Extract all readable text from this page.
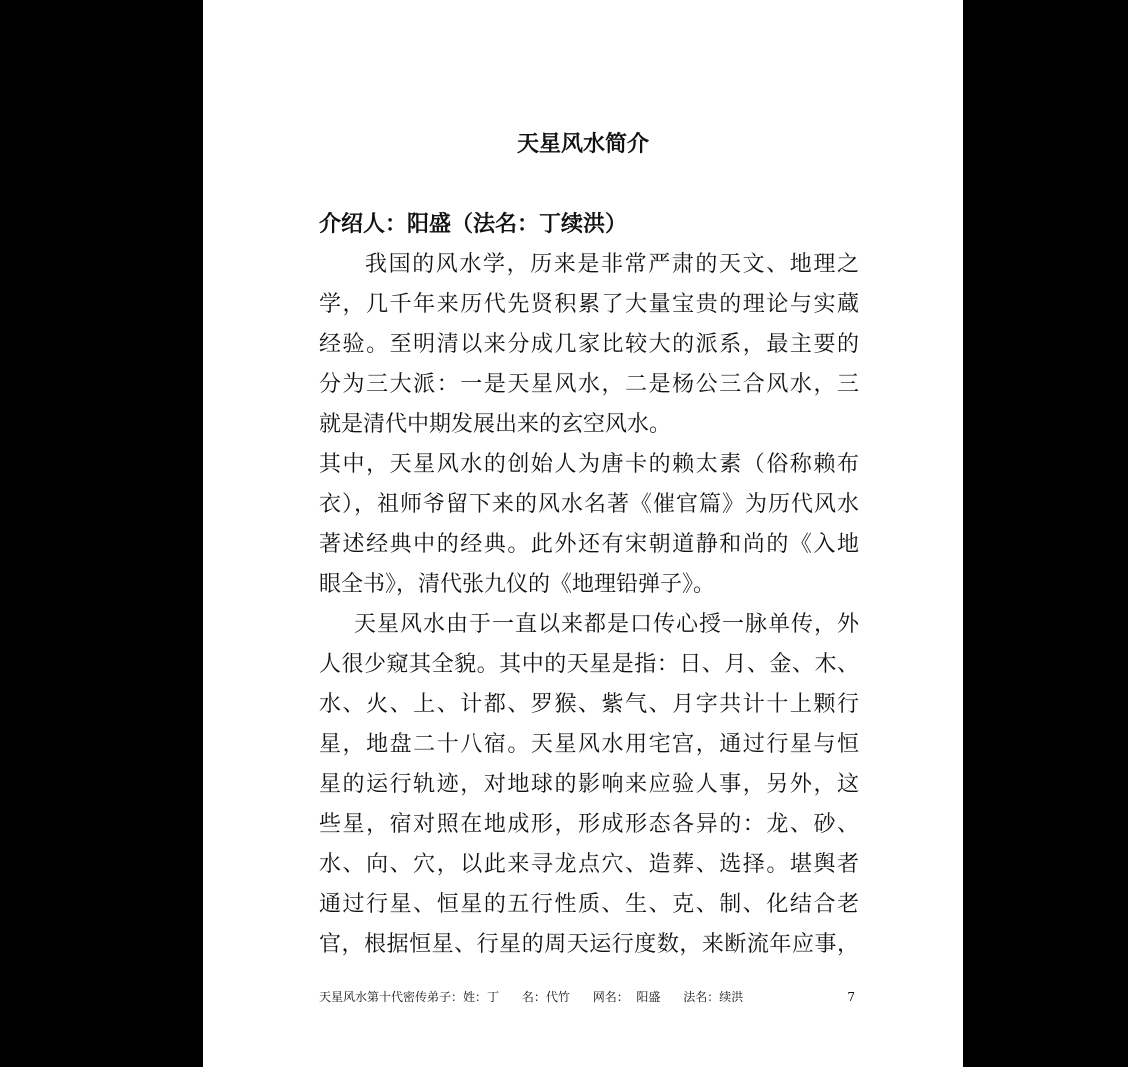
天星风水简介
介绍人：阳盛（法名：丁续洪）
我国的风水学，历来是非常严肃的天文、地理之
学，几千年来历代先贤积累了大量宝贵的理论与实蔵
经验。至明清以来分成几家比较大的派系，最主要的
分为三大派：一是天星风水，二是杨公三合风水，三
就是清代中期发展出来的玄空风水。
其中，天星风水的创始人为唐卡的赖太素（俗称赖布
衣），祖师爷留下来的风水名著《催官篇》为历代风水
著述经典中的经典。此外还有宋朝道静和尚的《入地
眼全书》，清代张九仪的《地理铅弹子》。
天星风水由于一直以来都是口传心授一脉单传，外
人很少窥其全貌。其中的天星是指：日、月、金、木、
水、火、上、计都、罗猴、紫气、月字共计十上颗行
星，地盘二十八宿。天星风水用宅宫，通过行星与恒
星的运行轨迹，对地球的影响来应验人事，另外，这
些星，宿对照在地成形，形成形态各异的：龙、砂、
水、向、穴，以此来寻龙点穴、造葬、选择。堪舆者
通过行星、恒星的五行性质、生、克、制、化结合老
官，根据恒星、行星的周天运行度数，来断流年应事，
天星风水第十代密传弟子：姓：丁      名：代竹      网名：  阳盛      法名：续洪	7
